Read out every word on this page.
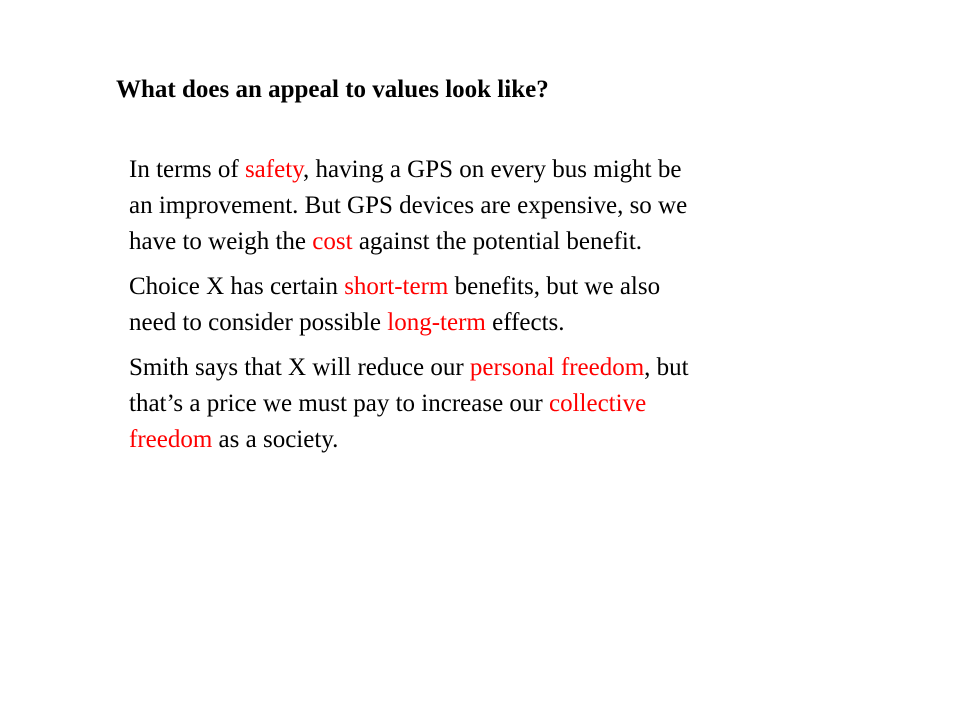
What does an appeal to values look like?

In terms of safety, having a GPS on every bus might be
an improvement. But GPS devices are expensive, so we
have to weigh the cost against the potential benefit.

Choice X has certain short-term benefits, but we also
need to consider possible long-term effects.

Smith says that X will reduce our personal freedom, but
that’s a price we must pay to increase our collective
freedom as a society.
